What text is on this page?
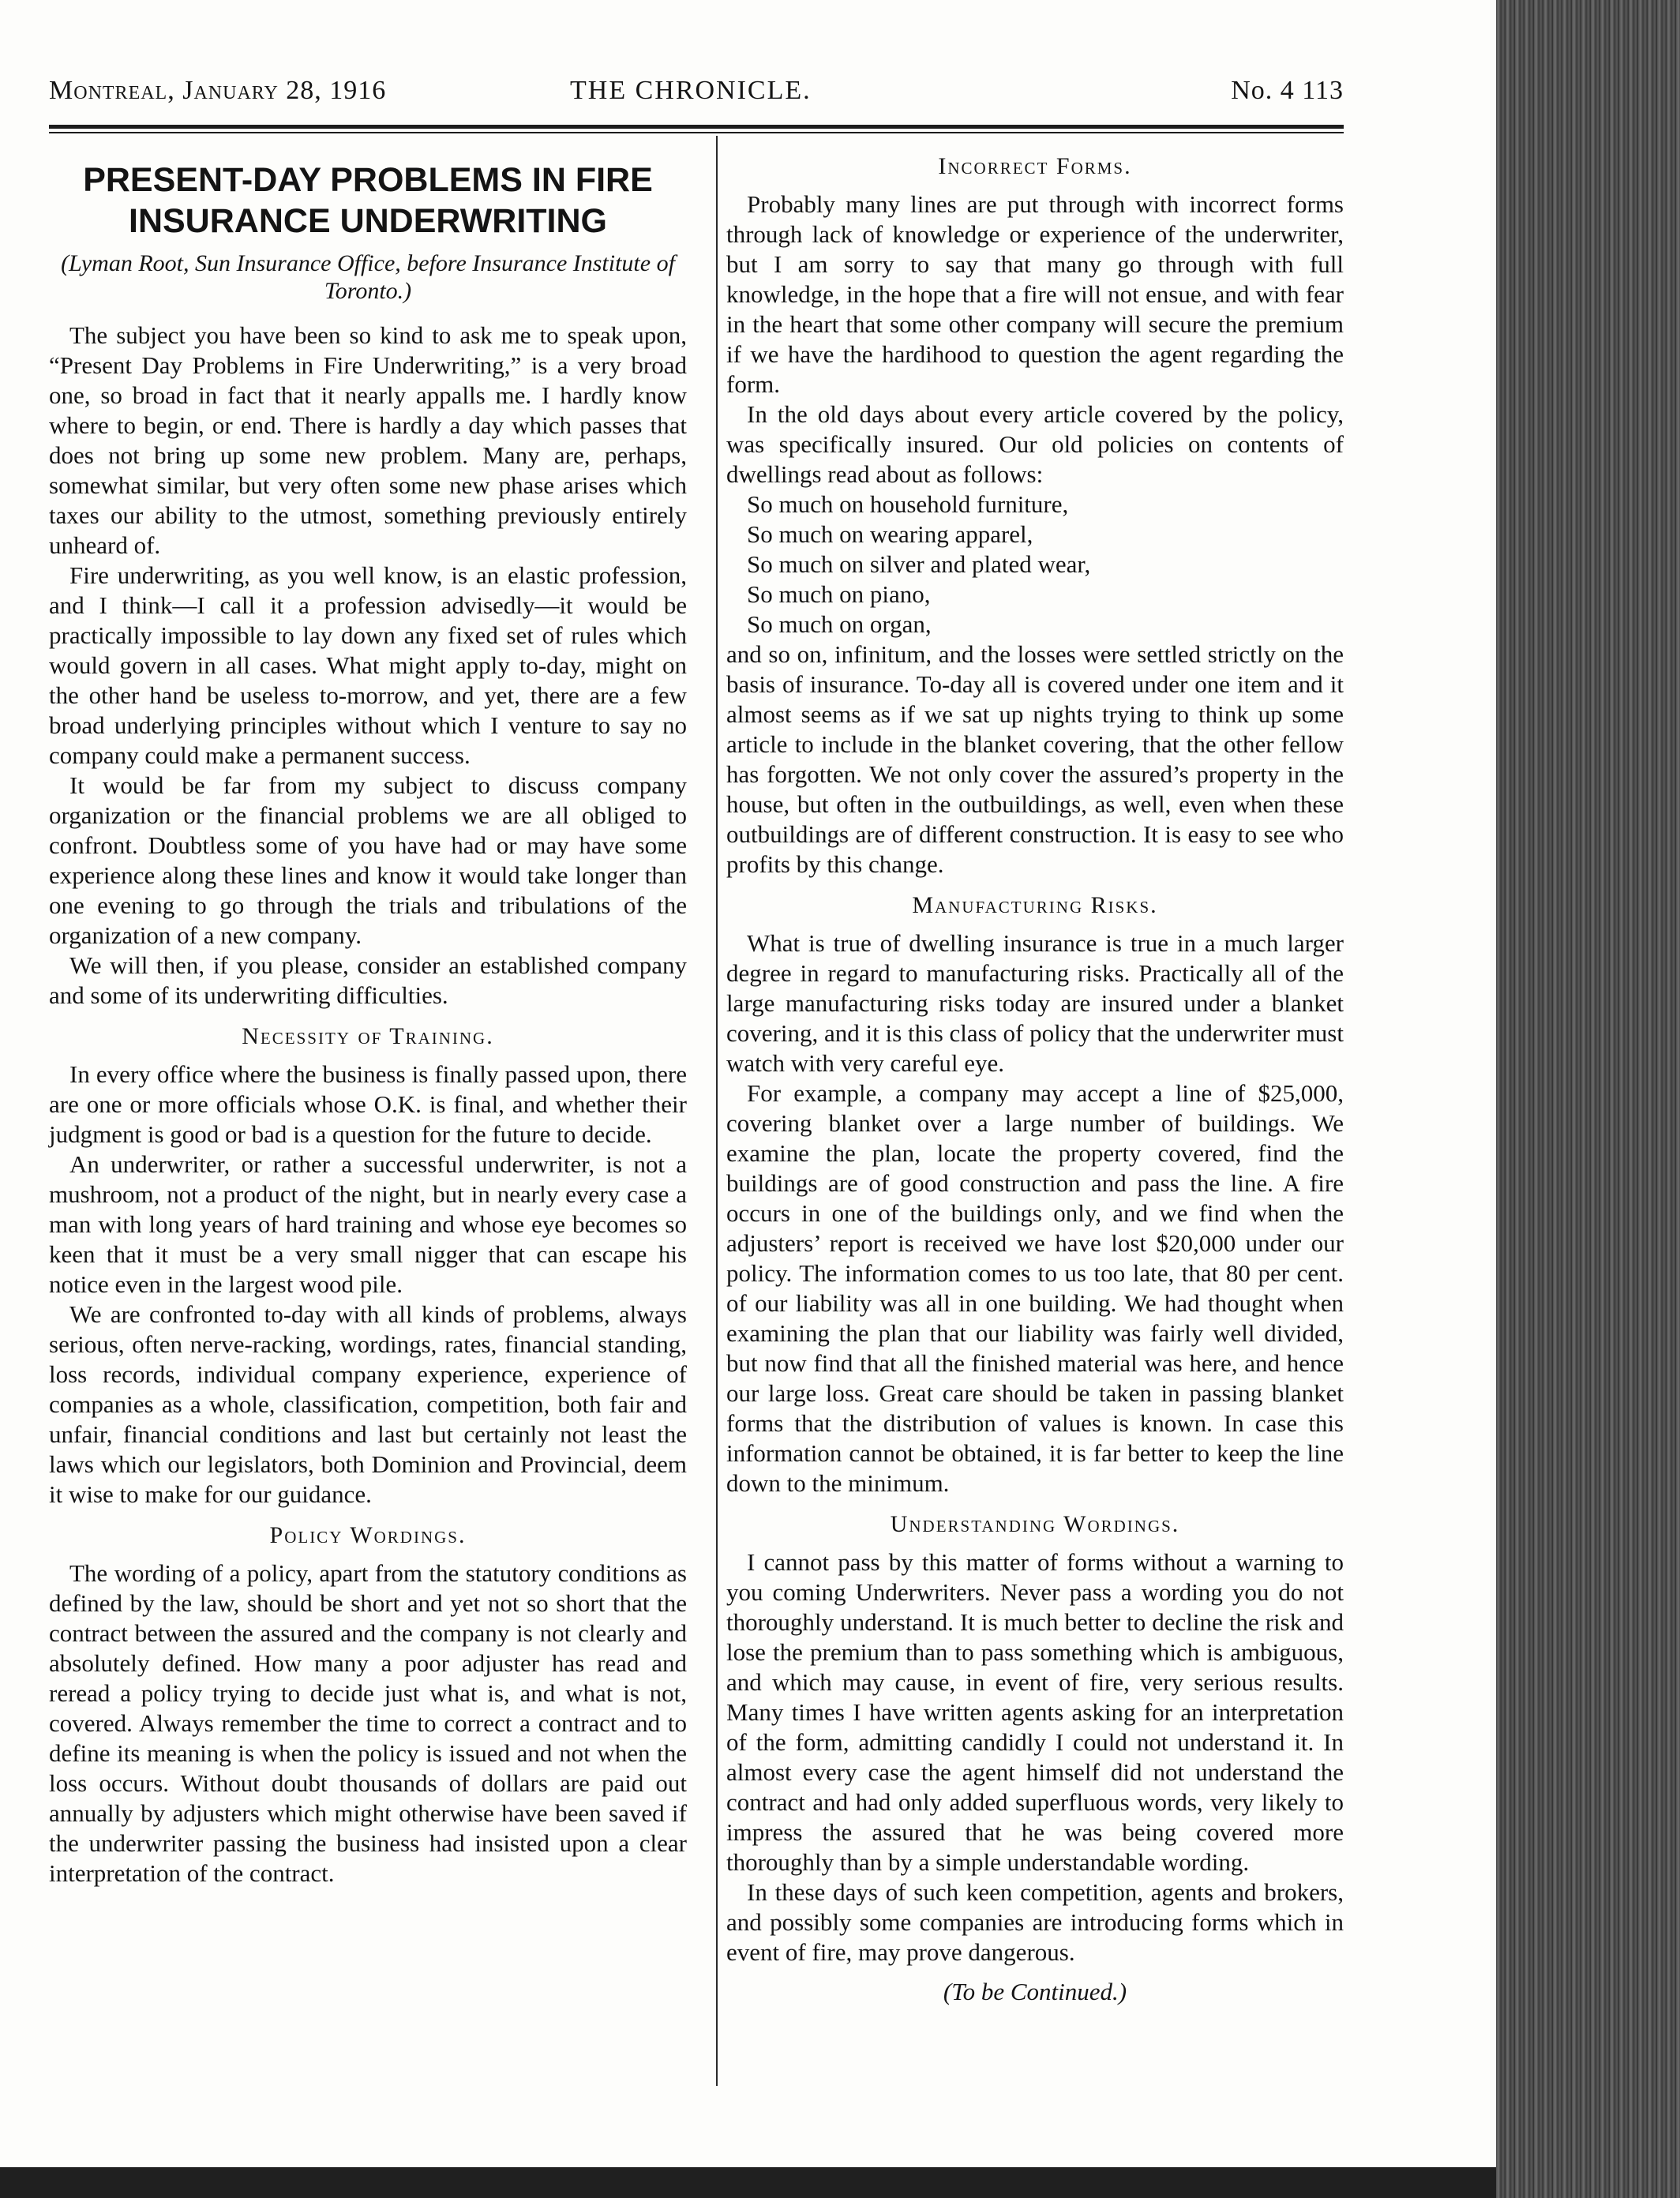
Montreal, January 28, 1916	THE CHRONICLE.	No. 4 113
PRESENT-DAY PROBLEMS IN FIRE INSURANCE UNDERWRITING
(Lyman Root, Sun Insurance Office, before Insurance Institute of Toronto.)

The subject you have been so kind to ask me to speak upon, “Present Day Problems in Fire Underwriting,” is a very broad one, so broad in fact that it nearly appalls me. I hardly know where to begin, or end. There is hardly a day which passes that does not bring up some new problem. Many are, perhaps, somewhat similar, but very often some new phase arises which taxes our ability to the utmost, something previously entirely unheard of.

Fire underwriting, as you well know, is an elastic profession, and I think—I call it a profession advisedly—it would be practically impossible to lay down any fixed set of rules which would govern in all cases. What might apply to-day, might on the other hand be useless to-morrow, and yet, there are a few broad underlying principles without which I venture to say no company could make a permanent success.

It would be far from my subject to discuss company organization or the financial problems we are all obliged to confront. Doubtless some of you have had or may have some experience along these lines and know it would take longer than one evening to go through the trials and tribulations of the organization of a new company.

We will then, if you please, consider an established company and some of its underwriting difficulties.

Necessity of Training.

In every office where the business is finally passed upon, there are one or more officials whose O.K. is final, and whether their judgment is good or bad is a question for the future to decide.

An underwriter, or rather a successful underwriter, is not a mushroom, not a product of the night, but in nearly every case a man with long years of hard training and whose eye becomes so keen that it must be a very small nigger that can escape his notice even in the largest wood pile.

We are confronted to-day with all kinds of problems, always serious, often nerve-racking, wordings, rates, financial standing, loss records, individual company experience, experience of companies as a whole, classification, competition, both fair and unfair, financial conditions and last but certainly not least the laws which our legislators, both Dominion and Provincial, deem it wise to make for our guidance.

Policy Wordings.

The wording of a policy, apart from the statutory conditions as defined by the law, should be short and yet not so short that the contract between the assured and the company is not clearly and absolutely defined. How many a poor adjuster has read and reread a policy trying to decide just what is, and what is not, covered. Always remember the time to correct a contract and to define its meaning is when the policy is issued and not when the loss occurs. Without doubt thousands of dollars are paid out annually by adjusters which might otherwise have been saved if the underwriter passing the business had insisted upon a clear interpretation of the contract.

Incorrect Forms.

Probably many lines are put through with incorrect forms through lack of knowledge or experience of the underwriter, but I am sorry to say that many go through with full knowledge, in the hope that a fire will not ensue, and with fear in the heart that some other company will secure the premium if we have the hardihood to question the agent regarding the form.

In the old days about every article covered by the policy, was specifically insured. Our old policies on contents of dwellings read about as follows:

So much on household furniture,
So much on wearing apparel,
So much on silver and plated wear,
So much on piano,
So much on organ,

and so on, infinitum, and the losses were settled strictly on the basis of insurance. To-day all is covered under one item and it almost seems as if we sat up nights trying to think up some article to include in the blanket covering, that the other fellow has forgotten. We not only cover the assured’s property in the house, but often in the outbuildings, as well, even when these outbuildings are of different construction. It is easy to see who profits by this change.

Manufacturing Risks.

What is true of dwelling insurance is true in a much larger degree in regard to manufacturing risks. Practically all of the large manufacturing risks today are insured under a blanket covering, and it is this class of policy that the underwriter must watch with very careful eye.

For example, a company may accept a line of $25,000, covering blanket over a large number of buildings. We examine the plan, locate the property covered, find the buildings are of good construction and pass the line. A fire occurs in one of the buildings only, and we find when the adjusters’ report is received we have lost $20,000 under our policy. The information comes to us too late, that 80 per cent. of our liability was all in one building. We had thought when examining the plan that our liability was fairly well divided, but now find that all the finished material was here, and hence our large loss. Great care should be taken in passing blanket forms that the distribution of values is known. In case this information cannot be obtained, it is far better to keep the line down to the minimum.

Understanding Wordings.

I cannot pass by this matter of forms without a warning to you coming Underwriters. Never pass a wording you do not thoroughly understand. It is much better to decline the risk and lose the premium than to pass something which is ambiguous, and which may cause, in event of fire, very serious results. Many times I have written agents asking for an interpretation of the form, admitting candidly I could not understand it. In almost every case the agent himself did not understand the contract and had only added superfluous words, very likely to impress the assured that he was being covered more thoroughly than by a simple understandable wording.

In these days of such keen competition, agents and brokers, and possibly some companies are introducing forms which in event of fire, may prove dangerous.

(To be Continued.)
